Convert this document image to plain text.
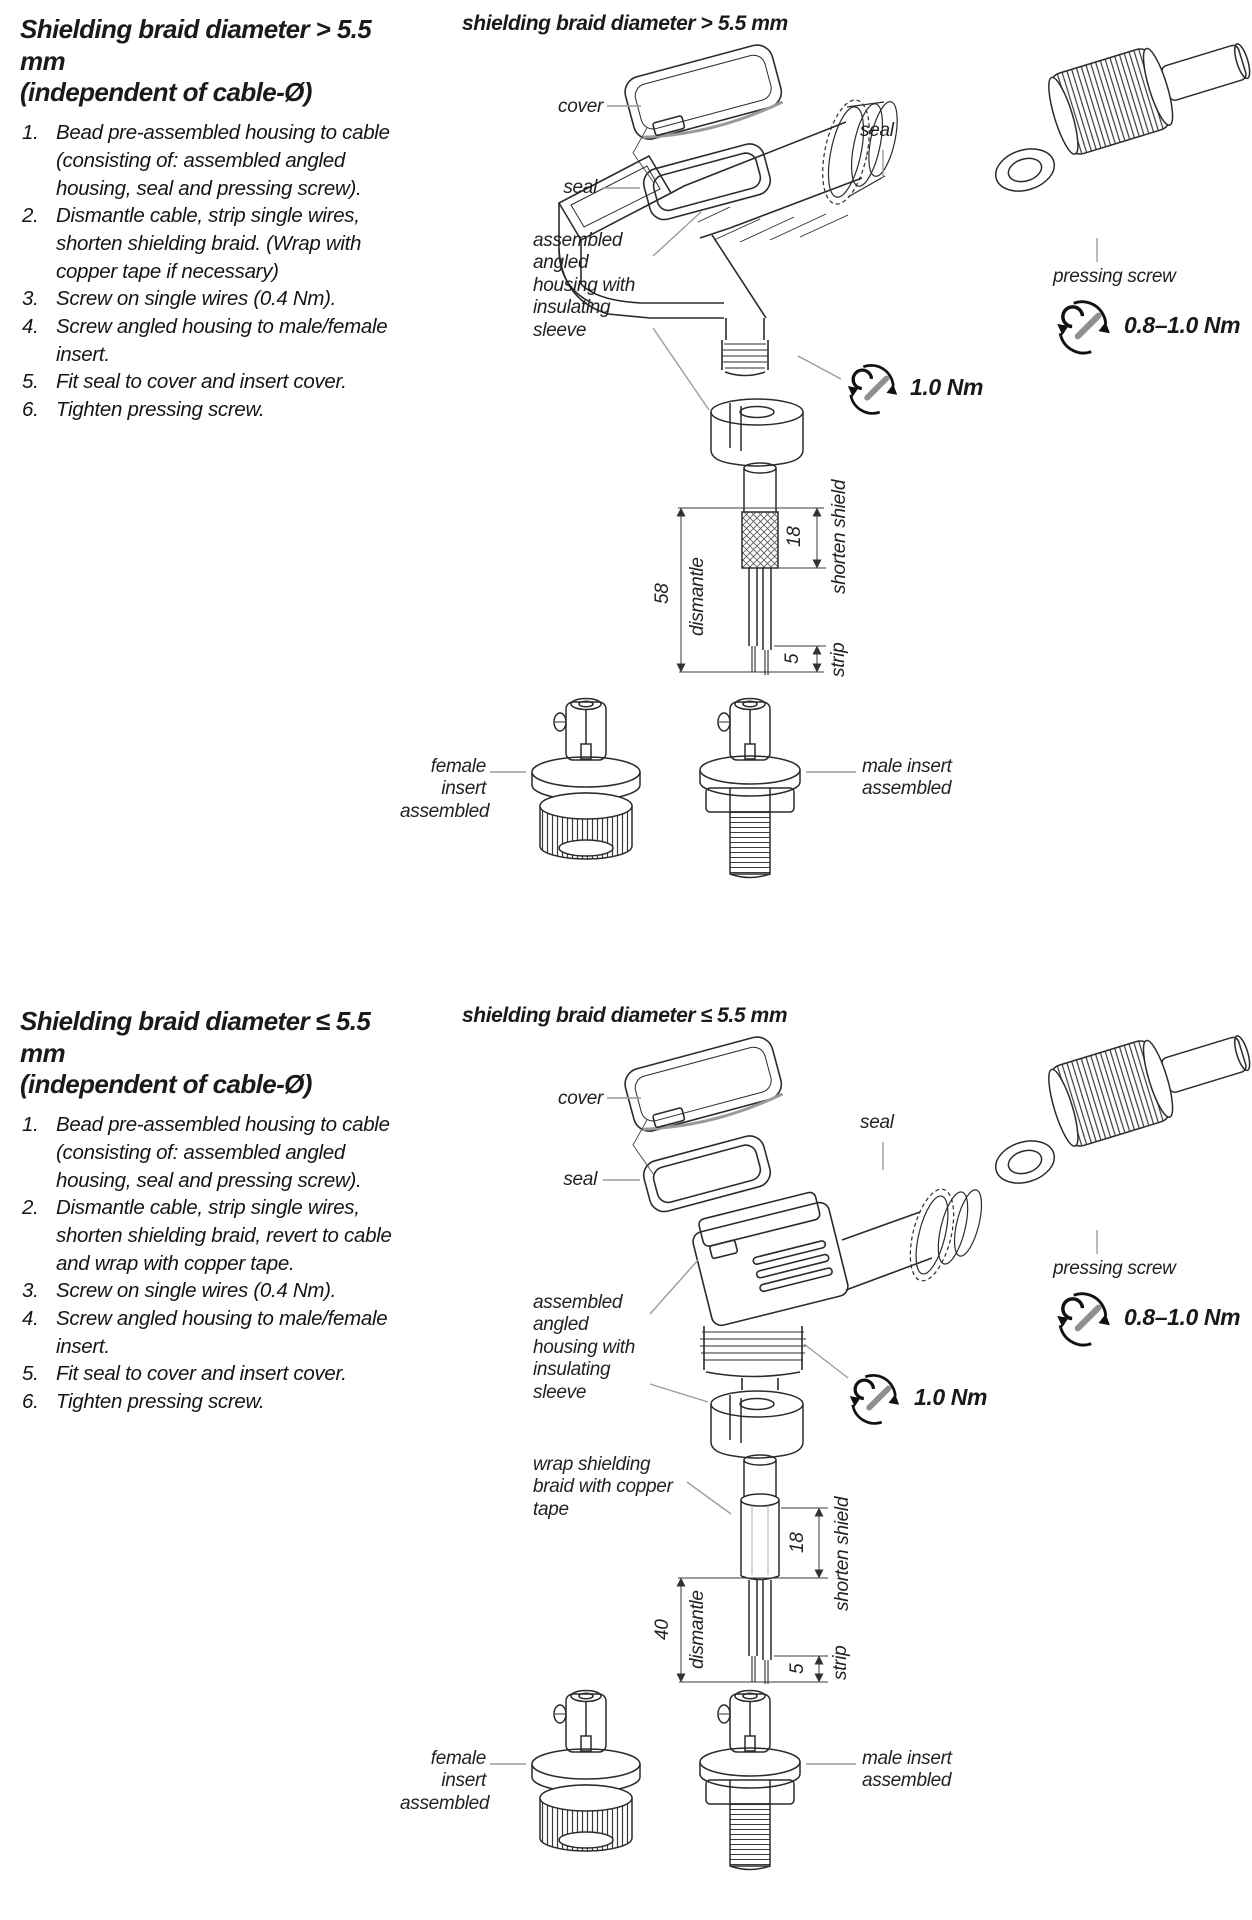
Shielding braid diameter > 5.5 mm
(independent of cable-Ø)
1. Bead pre-assembled housing to cable (consisting of: assembled angled housing, seal and pressing screw).
2. Dismantle cable, strip single wires, shorten shielding braid. (Wrap with copper tape if necessary)
3. Screw on single wires (0.4 Nm).
4. Screw angled housing to male/female insert.
5. Fit seal to cover and insert cover.
6. Tighten pressing screw.
shielding braid diameter > 5.5 mm
cover
seal
seal
assembled angled housing with insulating sleeve
pressing screw
0.8–1.0 Nm
1.0 Nm
58 dismantle
18 shorten shield
5 strip
female insert assembled
male insert assembled
Shielding braid diameter ≤ 5.5 mm
(independent of cable-Ø)
1. Bead pre-assembled housing to cable (consisting of: assembled angled housing, seal and pressing screw).
2. Dismantle cable, strip single wires, shorten shielding braid, revert to cable and wrap with copper tape.
3. Screw on single wires (0.4 Nm).
4. Screw angled housing to male/female insert.
5. Fit seal to cover and insert cover.
6. Tighten pressing screw.
shielding braid diameter ≤ 5.5 mm
cover
seal
seal
assembled angled housing with insulating sleeve
wrap shielding braid with copper tape
pressing screw
0.8–1.0 Nm
1.0 Nm
40 dismantle
18 shorten shield
5 strip
female insert assembled
male insert assembled
